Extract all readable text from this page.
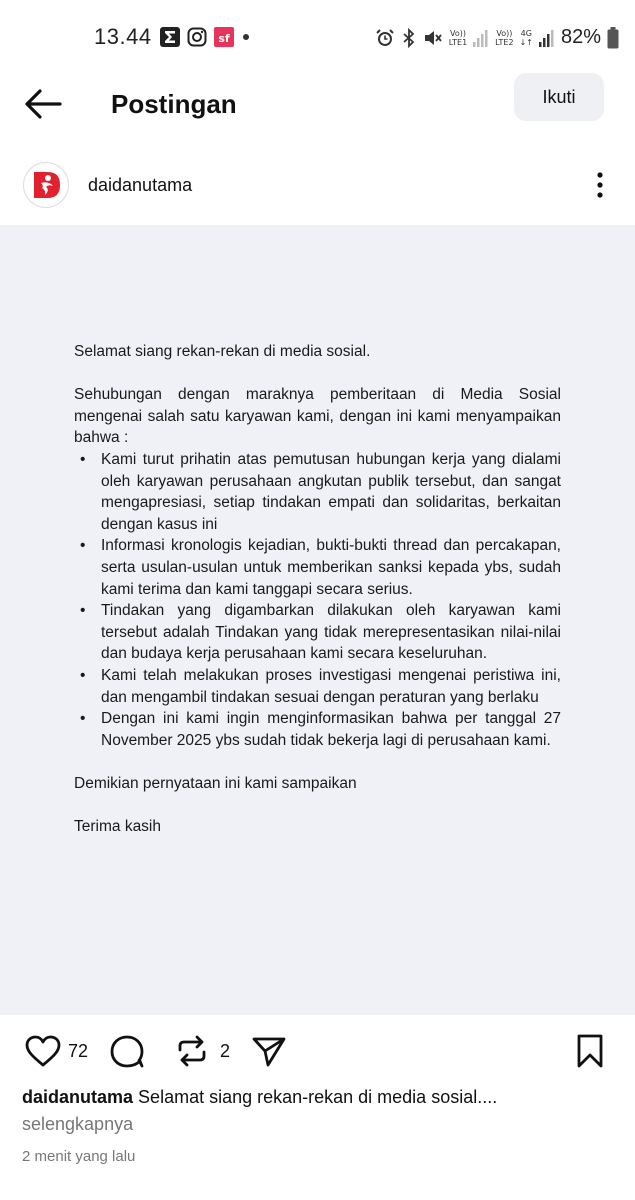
13.44	sf	Vo))
LTE1
Vo))
LTE2
4G
↓↑ 82%
Postingan	Ikuti
daidanutama

Selamat siang rekan-rekan di media sosial.

Sehubungan dengan maraknya pemberitaan di Media Sosial mengenai salah satu karyawan kami, dengan ini kami menyampaikan bahwa :

• Kami turut prihatin atas pemutusan hubungan kerja yang dialami oleh karyawan perusahaan angkutan publik tersebut, dan sangat mengapresiasi, setiap tindakan empati dan solidaritas, berkaitan dengan kasus ini
• Informasi kronologis kejadian, bukti-bukti thread dan percakapan, serta usulan-usulan untuk memberikan sanksi kepada ybs, sudah kami terima dan kami tanggapi secara serius.
• Tindakan yang digambarkan dilakukan oleh karyawan kami tersebut adalah Tindakan yang tidak merepresentasikan nilai-nilai dan budaya kerja perusahaan kami secara keseluruhan.
• Kami telah melakukan proses investigasi mengenai peristiwa ini, dan mengambil tindakan sesuai dengan peraturan yang berlaku
• Dengan ini kami ingin menginformasikan bahwa per tanggal 27 November 2025 ybs sudah tidak bekerja lagi di perusahaan kami.

Demikian pernyataan ini kami sampaikan

Terima kasih

72	2
daidanutama Selamat siang rekan-rekan di media sosial....
selengkapnya
2 menit yang lalu
